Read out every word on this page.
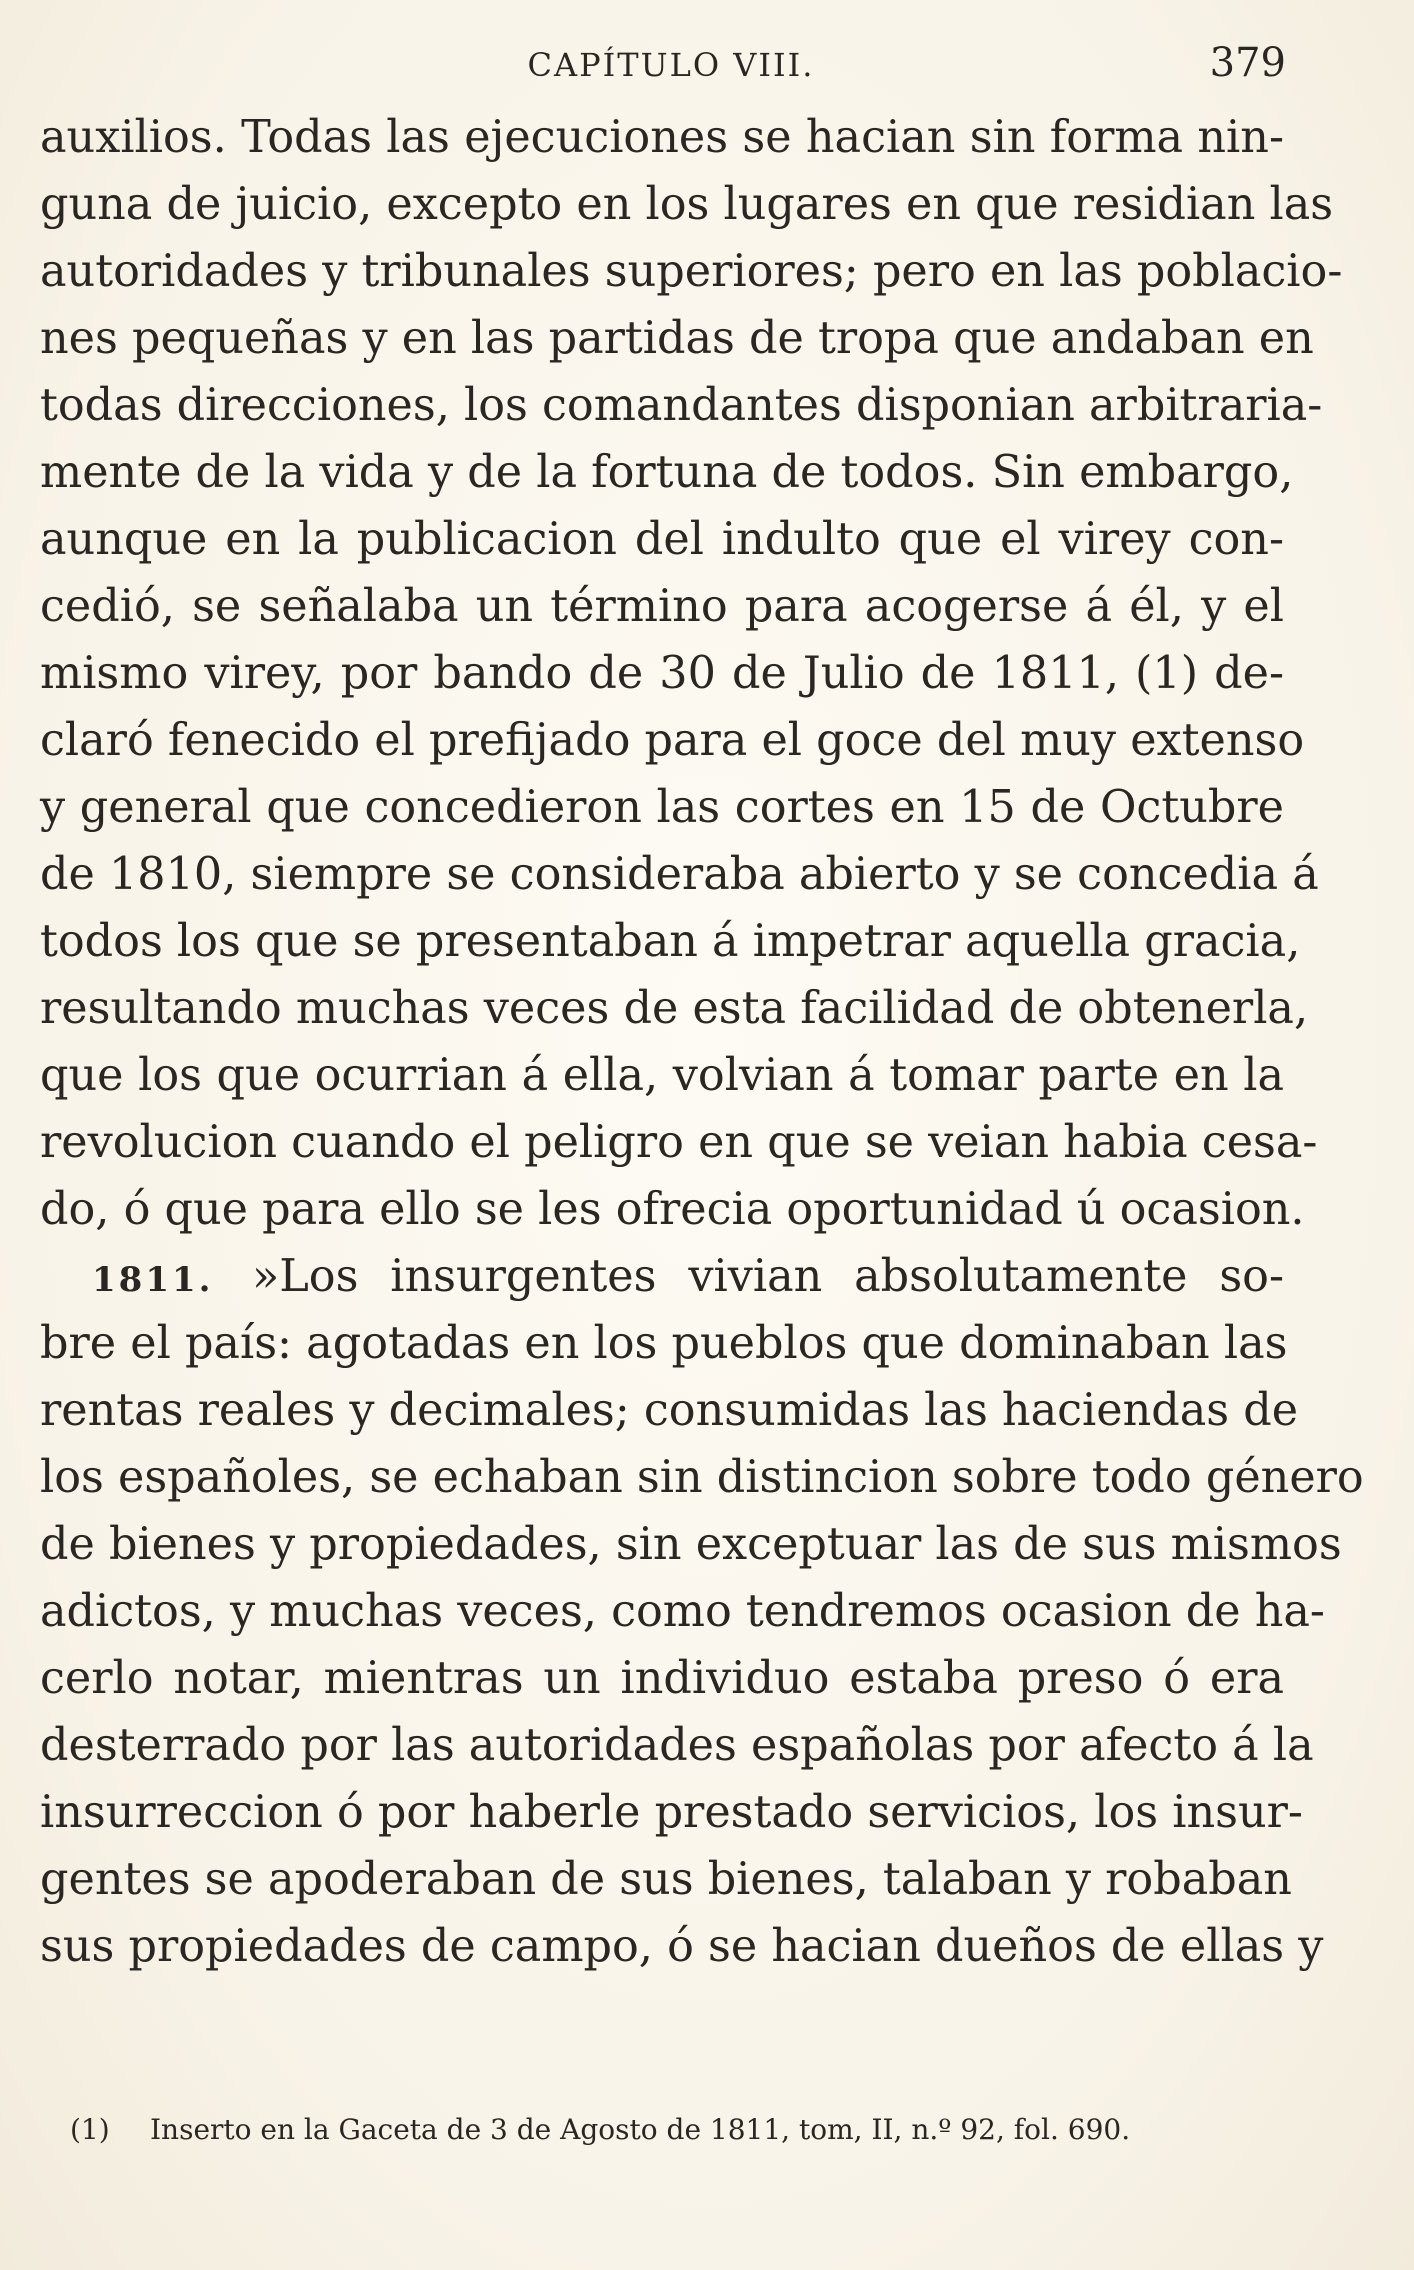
CAPÍTULO VIII.	379
auxilios. Todas las ejecuciones se hacian sin forma nin-
guna de juicio, excepto en los lugares en que residian las
autoridades y tribunales superiores; pero en las poblacio-
nes pequeñas y en las partidas de tropa que andaban en
todas direcciones, los comandantes disponian arbitraria-
mente de la vida y de la fortuna de todos. Sin embargo,
aunque en la publicacion del indulto que el virey con-
cedió, se señalaba un término para acogerse á él, y el
mismo virey, por bando de 30 de Julio de 1811, (1) de-
claró fenecido el prefijado para el goce del muy extenso
y general que concedieron las cortes en 15 de Octubre
de 1810, siempre se consideraba abierto y se concedia á
todos los que se presentaban á impetrar aquella gracia,
resultando muchas veces de esta facilidad de obtenerla,
que los que ocurrian á ella, volvian á tomar parte en la
revolucion cuando el peligro en que se veian habia cesa-
do, ó que para ello se les ofrecia oportunidad ú ocasion.
1811. »Los insurgentes vivian absolutamente so-
bre el país: agotadas en los pueblos que dominaban las
rentas reales y decimales; consumidas las haciendas de
los españoles, se echaban sin distincion sobre todo género
de bienes y propiedades, sin exceptuar las de sus mismos
adictos, y muchas veces, como tendremos ocasion de ha-
cerlo notar, mientras un individuo estaba preso ó era
desterrado por las autoridades españolas por afecto á la
insurreccion ó por haberle prestado servicios, los insur-
gentes se apoderaban de sus bienes, talaban y robaban
sus propiedades de campo, ó se hacian dueños de ellas y
(1) Inserto en la Gaceta de 3 de Agosto de 1811, tom, II, n.º 92, fol. 690.
